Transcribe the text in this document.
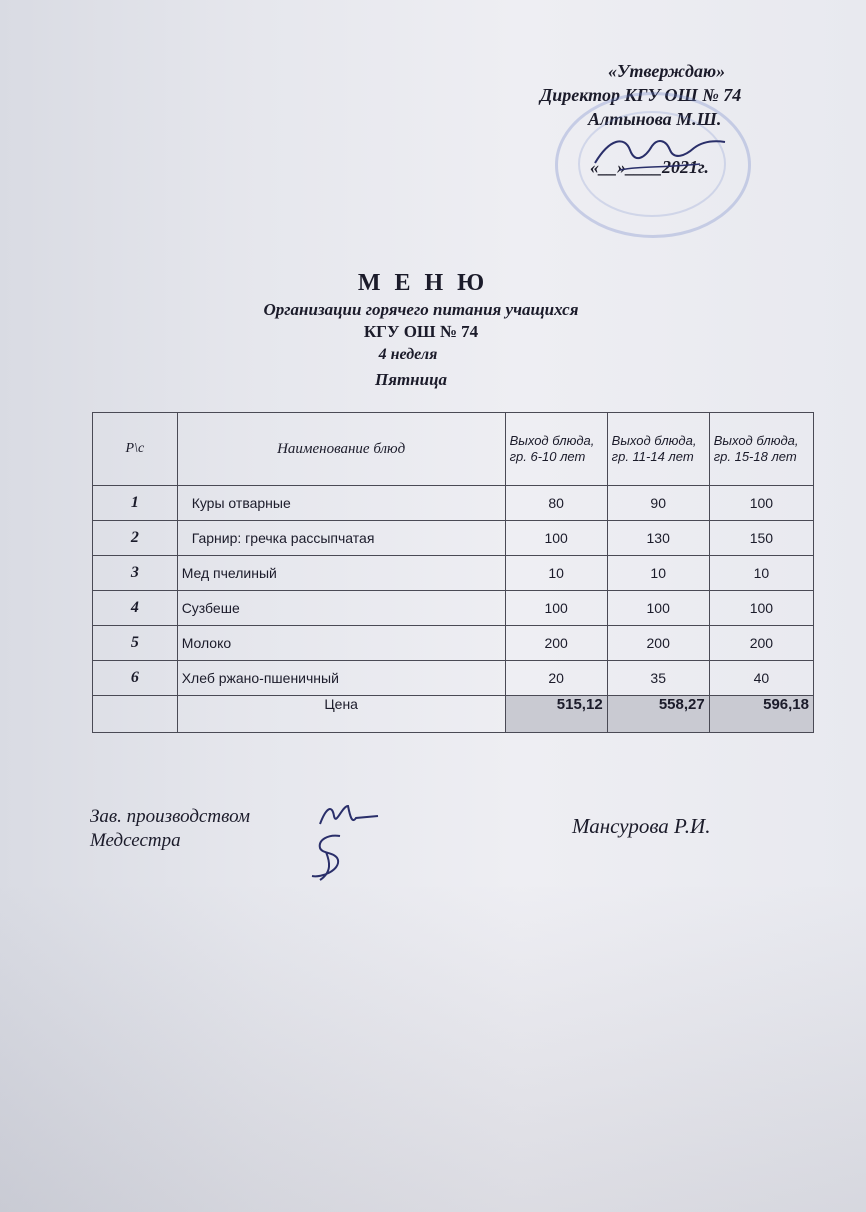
«Утверждаю»
Директор КГУ ОШ № 74
Алтынова М.Ш.
«__»____2021г.
М Е Н Ю
Организации горячего питания учащихся
КГУ ОШ № 74
4 неделя
Пятница
Р\с	Наименование блюд	Выход блюда, гр. 6-10 лет	Выход блюда, гр. 11-14 лет	Выход блюда, гр. 15-18 лет
1	Куры отварные	80	90	100
2	Гарнир: гречка рассыпчатая	100	130	150
3	Мед пчелиный	10	10	10
4	Сузбеше	100	100	100
5	Молоко	200	200	200
6	Хлеб ржано-пшеничный	20	35	40
	Цена	515,12	558,27	596,18
Зав. производством
Медсестра
Мансурова Р.И.
